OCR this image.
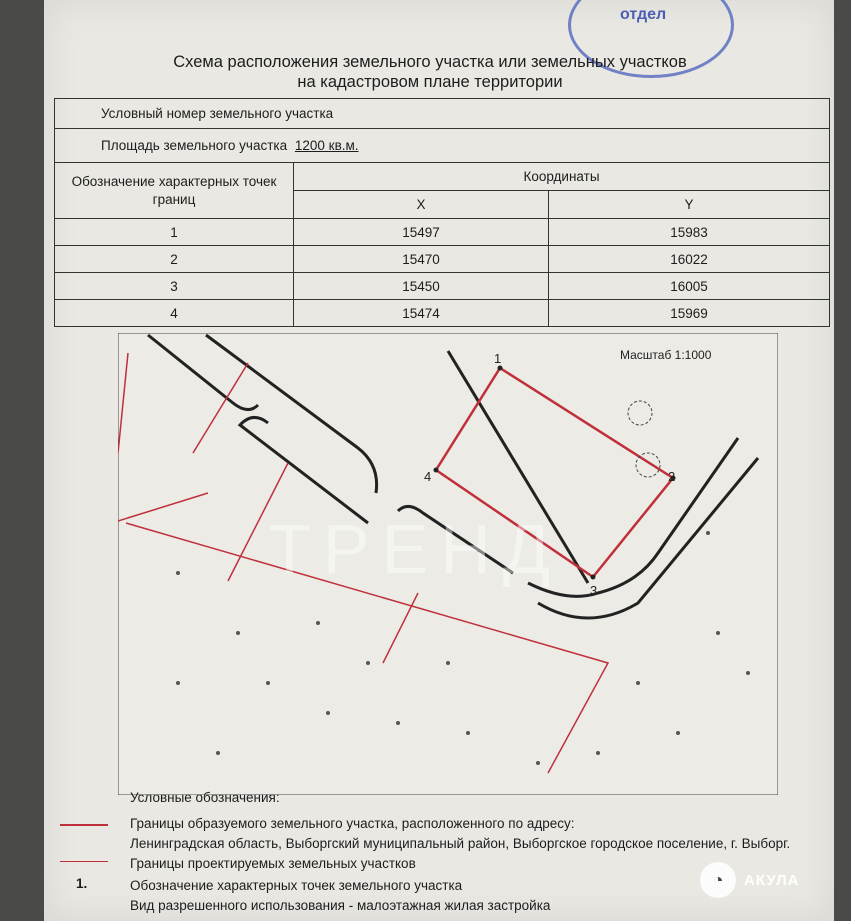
отдел
Схема расположения земельного участка или земельных участков
на кадастровом плане территории
Условный номер земельного участка		
Площадь земельного участка 1200 кв.м.		
Обозначение характерных точек границ	Координаты	
	X	Y
1	15497	15983
2	15470	16022
3	15450	16005
4	15474	15969
1
2
3
4
Масштаб 1:1000
ТРЕНД
Условные обозначения:
Границы образуемого земельного участка, расположенного по адресу:
Ленинградская область, Выборгский муниципальный район, Выборгское городское поселение, г. Выборг.
Границы проектируемых земельных участков
1.	Обозначение характерных точек земельного участка
Вид разрешенного использования - малоэтажная жилая застройка
◔	АКУЛА
